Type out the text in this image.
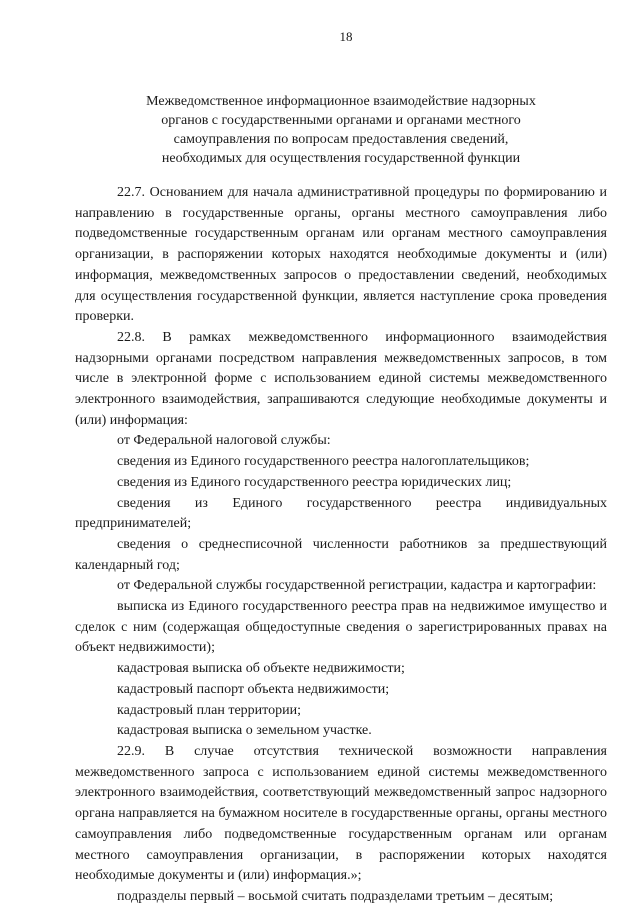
18
Межведомственное информационное взаимодействие надзорных
органов с государственными органами и органами местного
самоуправления по вопросам предоставления сведений,
необходимых для осуществления государственной функции

22.7. Основанием для начала административной процедуры по формированию и направлению в государственные органы, органы местного самоуправления либо подведомственные государственным органам или органам местного самоуправления организации, в распоряжении которых находятся необходимые документы и (или) информация, межведомственных запросов о предоставлении сведений, необходимых для осуществления государственной функции, является наступление срока проведения проверки.

22.8. В рамках межведомственного информационного взаимодействия надзорными органами посредством направления межведомственных запросов, в том числе в электронной форме с использованием единой системы межведомственного электронного взаимодействия, запрашиваются следующие необходимые документы и (или) информация:

от Федеральной налоговой службы:

сведения из Единого государственного реестра налогоплательщиков;

сведения из Единого государственного реестра юридических лиц;

сведения из Единого государственного реестра индивидуальных предпринимателей;

сведения о среднесписочной численности работников за предшествующий календарный год;

от Федеральной службы государственной регистрации, кадастра и картографии:

выписка из Единого государственного реестра прав на недвижимое имущество и сделок с ним (содержащая общедоступные сведения о зарегистрированных правах на объект недвижимости);

кадастровая выписка об объекте недвижимости;

кадастровый паспорт объекта недвижимости;

кадастровый план территории;

кадастровая выписка о земельном участке.

22.9. В случае отсутствия технической возможности направления межведомственного запроса с использованием единой системы межведомственного электронного взаимодействия, соответствующий межведомственный запрос надзорного органа направляется на бумажном носителе в государственные органы, органы местного самоуправления либо подведомственные государственным органам или органам местного самоуправления организации, в распоряжении которых находятся необходимые документы и (или) информация.»;

подразделы первый – восьмой считать подразделами третьим – десятым;
